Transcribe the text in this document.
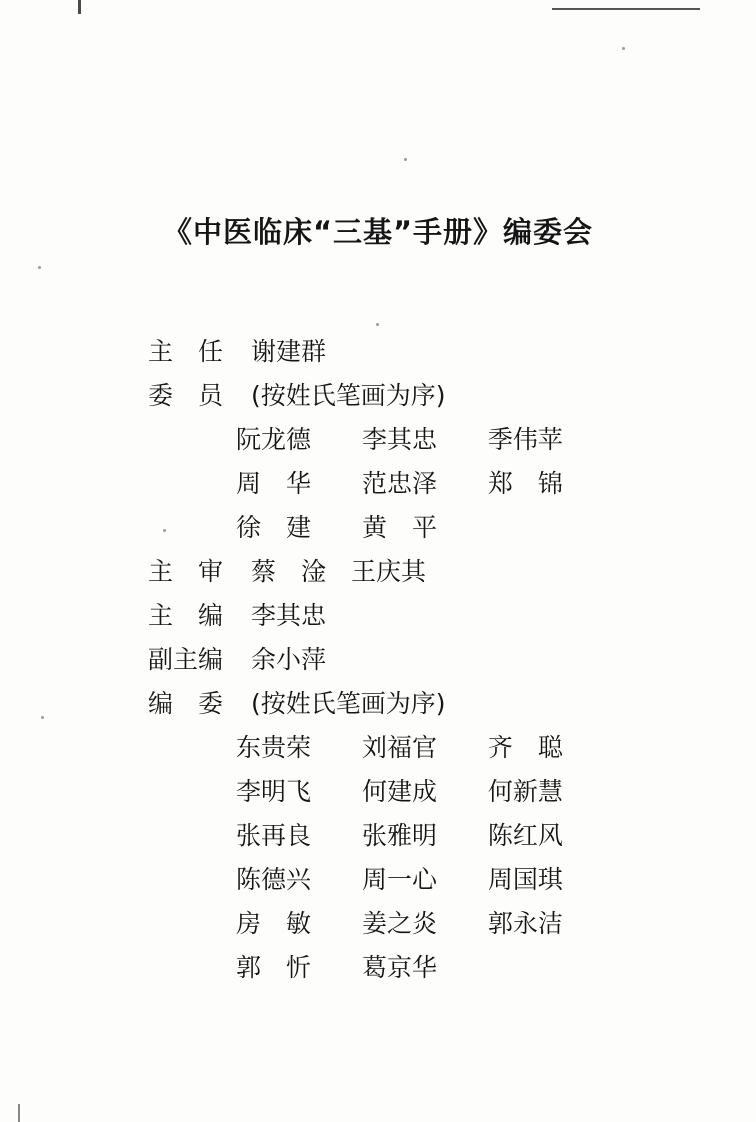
《中医临床“三基”手册》编委会
主　任 谢建群
委　员 (按姓氏笔画为序)
阮龙德 李其忠 季伟苹
周　华 范忠泽 郑　锦
徐　建 黄　平
主　审 蔡　淦　王庆其
主　编 李其忠
副主编 余小萍
编　委 (按姓氏笔画为序)
东贵荣 刘福官 齐　聪
李明飞 何建成 何新慧
张再良 张雅明 陈红风
陈德兴 周一心 周国琪
房　敏 姜之炎 郭永洁
郭　忻 葛京华
